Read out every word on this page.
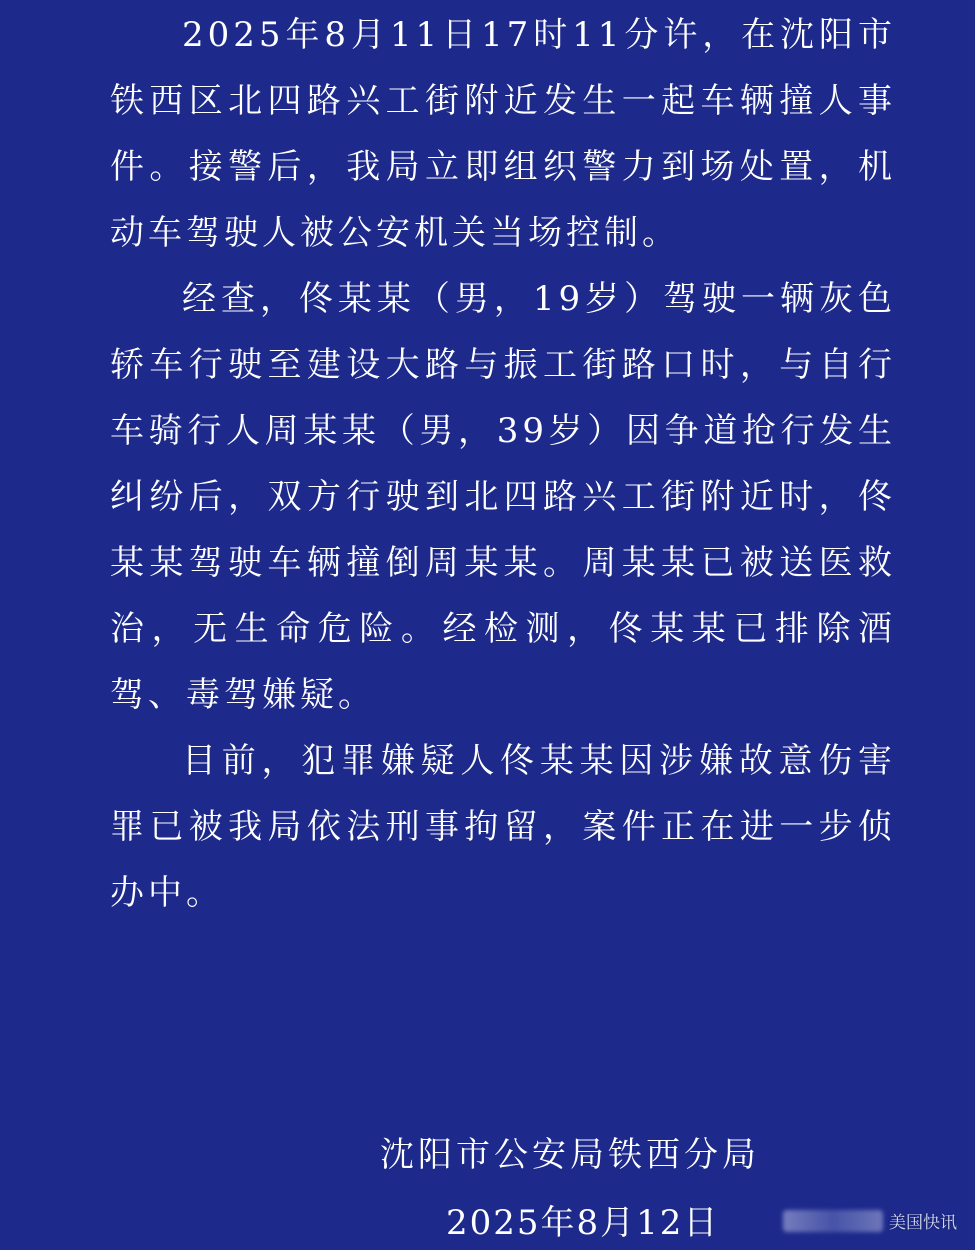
2025年8月11日17时11分许，在沈阳市铁西区北四路兴工街附近发生一起车辆撞人事件。接警后，我局立即组织警力到场处置，机动车驾驶人被公安机关当场控制。

经查，佟某某（男，19岁）驾驶一辆灰色轿车行驶至建设大路与振工街路口时，与自行车骑行人周某某（男，39岁）因争道抢行发生纠纷后，双方行驶到北四路兴工街附近时，佟某某驾驶车辆撞倒周某某。周某某已被送医救治，无生命危险。经检测，佟某某已排除酒驾、毒驾嫌疑。

目前，犯罪嫌疑人佟某某因涉嫌故意伤害罪已被我局依法刑事拘留，案件正在进一步侦办中。

沈阳市公安局铁西分局
2025年8月12日	美国快讯
